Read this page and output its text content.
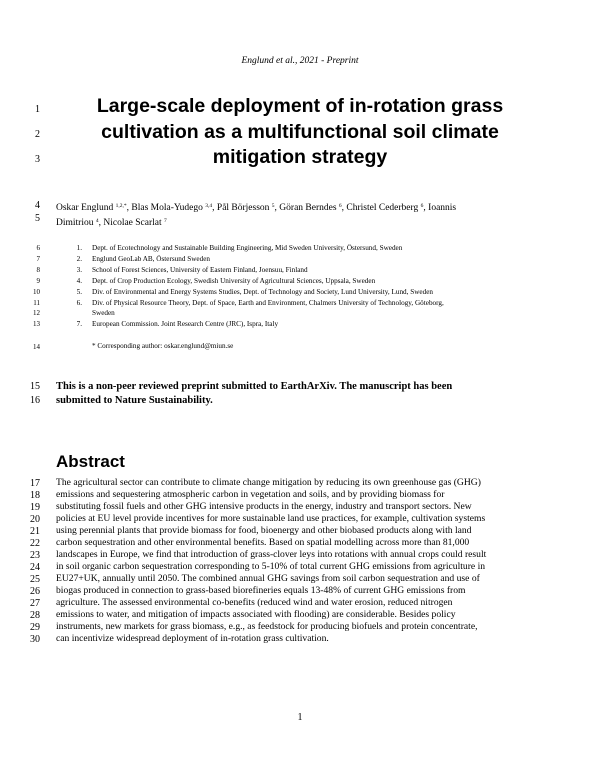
Englund et al., 2021 - Preprint
Large-scale deployment of in-rotation grass
cultivation as a multifunctional soil climate
mitigation strategy
1
2
3
4
5
6
7
8
9
10
11
12
13
14
15
16
17
18
19
20
21
22
23
24
25
26
27
28
29
30
Oskar Englund $^{1,2,*}$, Blas Mola-Yudego $^{3,4}$, Pål Börjesson $^5$, Göran Berndes $^6$, Christel Cederberg $^6$, Ioannis
Dimitriou $^4$, Nicolae Scarlat $^7$
1. Dept. of Ecotechnology and Sustainable Building Engineering, Mid Sweden University, Östersund, Sweden
2. Englund GeoLab AB, Östersund Sweden
3. School of Forest Sciences, University of Eastern Finland, Joensuu, Finland
4. Dept. of Crop Production Ecology, Swedish University of Agricultural Sciences, Uppsala, Sweden
5. Div. of Environmental and Energy Systems Studies, Dept. of Technology and Society, Lund University, Lund, Sweden
6. Div. of Physical Resource Theory, Dept. of Space, Earth and Environment, Chalmers University of Technology, Göteborg,
Sweden
7. European Commission. Joint Research Centre (JRC), Ispra, Italy
* Corresponding author: oskar.englund@miun.se
This is a non-peer reviewed preprint submitted to EarthArXiv. The manuscript has been
submitted to Nature Sustainability.
Abstract
The agricultural sector can contribute to climate change mitigation by reducing its own greenhouse gas (GHG)
emissions and sequestering atmospheric carbon in vegetation and soils, and by providing biomass for
substituting fossil fuels and other GHG intensive products in the energy, industry and transport sectors. New
policies at EU level provide incentives for more sustainable land use practices, for example, cultivation systems
using perennial plants that provide biomass for food, bioenergy and other biobased products along with land
carbon sequestration and other environmental benefits. Based on spatial modelling across more than 81,000
landscapes in Europe, we find that introduction of grass-clover leys into rotations with annual crops could result
in soil organic carbon sequestration corresponding to 5-10% of total current GHG emissions from agriculture in
EU27+UK, annually until 2050. The combined annual GHG savings from soil carbon sequestration and use of
biogas produced in connection to grass-based biorefineries equals 13-48% of current GHG emissions from
agriculture. The assessed environmental co-benefits (reduced wind and water erosion, reduced nitrogen
emissions to water, and mitigation of impacts associated with flooding) are considerable. Besides policy
instruments, new markets for grass biomass, e.g., as feedstock for producing biofuels and protein concentrate,
can incentivize widespread deployment of in-rotation grass cultivation.
1
